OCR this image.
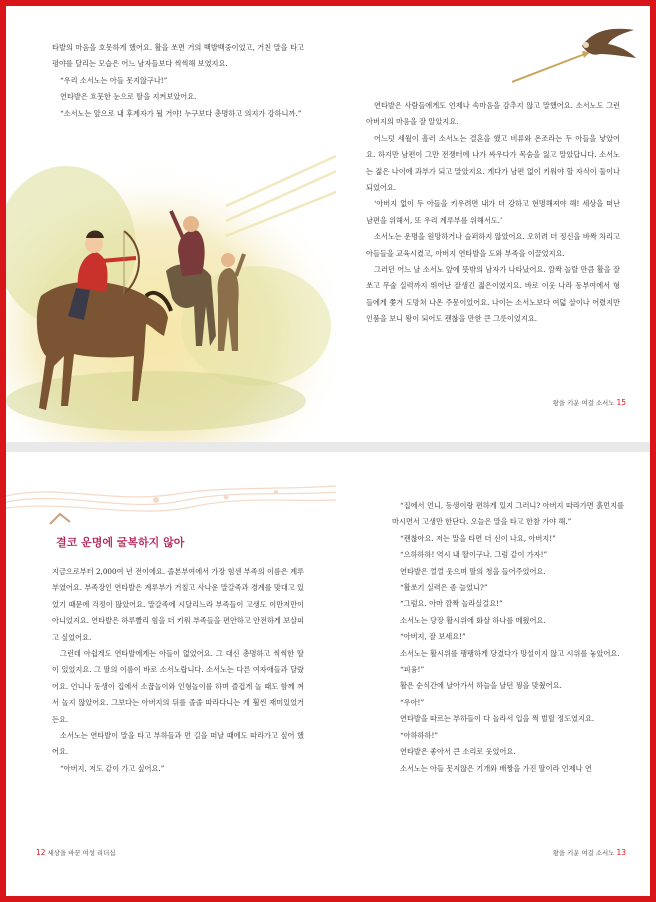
타발의 마음을 호못하게 했어요. 활을 쏘면 거의 백발백중이었고, 거친 말을 타고 평야를 달리는 모습은 어느 남자들보다 씩씩해 보였지요.

“우리 소서노는 아들 못지않구나!”

연타발은 흐뭇한 눈으로 딸을 지켜보았어요.

“소서노는 앞으로 내 후계자가 될 거야! 누구보다 총명하고 의지가 강하니까.”

연타발은 사람들에게도 언제나 속마음을 감추지 않고 말했어요. 소서노도 그런 아버지의 마음을 잘 알았지요.

어느덧 세월이 흘러 소서노는 결혼을 했고 비류와 온조라는 두 아들을 낳았어요. 하지만 남편이 그만 전쟁터에 나가 싸우다가 목숨을 잃고 말았답니다. 소서노는 젊은 나이에 과부가 되고 말았지요. 게다가 남편 없이 키워야 할 자식이 둘이나 되었어요.

‘아버지 없이 두 아들을 키우려면 내가 더 강하고 현명해져야 해! 세상을 떠난 남편을 위해서, 또 우리 계루부를 위해서도.’

소서노는 운명을 원망하거나 슬퍼하지 않았어요. 오히려 더 정신을 바짝 차리고 아들들을 교육시켰고, 아버지 연타발을 도와 부족을 이끌었지요.

그러던 어느 날 소서노 앞에 뜻밖의 남자가 나타났어요. 깜짝 놀랄 만큼 활을 잘 쏘고 무술 실력까지 뛰어난 잘생긴 젊은이였지요. 바로 이웃 나라 동부여에서 형들에게 쫓겨 도망쳐 나온 주몽이었어요. 나이는 소서노보다 여덟 살이나 어렸지만 인품을 보니 왕이 되어도 괜찮을 만한 큰 그릇이었지요.

왕을 키운 여걸 소서노 15
결코 운명에 굴복하지 않아

지금으로부터 2,000여 년 전이에요. 졸본부여에서 가장 힘센 부족의 이름은 계루부였어요. 부족장인 연타발은 계루부가 거칠고 사나운 말갈족과 경계를 맞대고 있었기 때문에 걱정이 많았어요. 말갈족에 시달리느라 부족들이 고생도 이만저만이 아니었지요. 연타발은 하루빨리 힘을 더 키워 부족들을 편안하고 안전하게 보살피고 싶었어요.

그런데 아쉽게도 연타발에게는 아들이 없었어요. 그 대신 총명하고 씩씩한 딸이 있었지요. 그 딸의 이름이 바로 소서노랍니다. 소서노는 다른 여자애들과 달랐어요. 언니나 동생이 집에서 소꿉놀이와 인형놀이를 하며 즐겁게 놀 때도 함께 껴서 놀지 않았어요. 그보다는 아버지의 뒤를 졸졸 따라다니는 게 훨씬 재미있었거든요.

소서노는 연타발이 말을 타고 부하들과 먼 길을 떠날 때에도 따라가고 싶어 했어요.

“아버지, 저도 같이 가고 싶어요.”

12 세상을 바꾼 여성 리더십

“집에서 언니, 동생이랑 편하게 있지 그러니? 아버지 따라가면 흙먼지를 마시면서 고생만 한단다. 오늘은 말을 타고 한참 가야 해.”

“괜찮아요. 저는 말을 타면 더 신이 나요, 아버지!”

“으하하하! 역시 내 딸이구나. 그럼 같이 가자!”

연타발은 껄껄 웃으며 딸의 청을 들어주었어요.

“활쏘기 실력은 좀 늘었니?”

“그럼요. 아마 깜짝 놀라실걸요!”

소서노는 당장 활시위에 화살 하나를 메웠어요.

“아버지, 잘 보세요!”

소서노는 활시위를 팽팽하게 당겼다가 망설이지 않고 시위를 놓았어요.

“피융!”

활은 순식간에 날아가서 하늘을 날던 꿩을 맞췄어요.

“우아!”

연타발을 따르는 부하들이 다 놀라서 입을 쩍 벌릴 정도였지요.

“아하하하!”

연타발은 좋아서 큰 소리로 웃었어요.

소서노는 아들 못지않은 기개와 배짱을 가진 딸이라 언제나 연

왕을 키운 여걸 소서노 13
